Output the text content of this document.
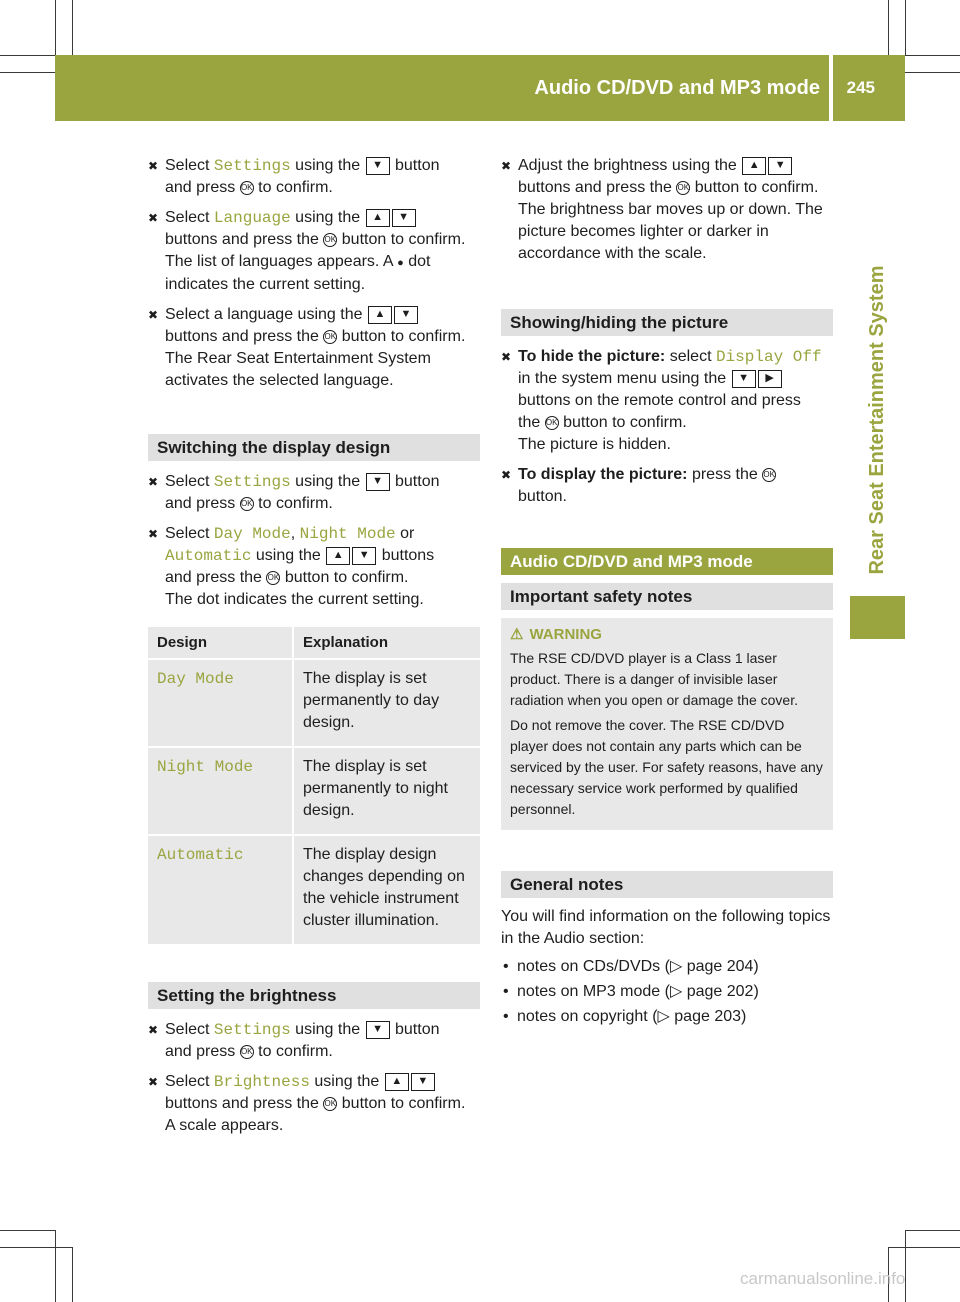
Audio CD/DVD and MP3 mode 245
Rear Seat Entertainment System
✖ Select Settings using the ▼ button
and press OK to confirm.
✖ Select Language using the ▲ ▼
buttons and press the OK button to confirm.
The list of languages appears. A ● dot
indicates the current setting.
✖ Select a language using the ▲ ▼
buttons and press the OK button to confirm.
The Rear Seat Entertainment System
activates the selected language.
Switching the display design
✖ Select Settings using the ▼ button
and press OK to confirm.
✖ Select Day Mode, Night Mode or
Automatic using the ▲ ▼ buttons
and press the OK button to confirm.
The dot indicates the current setting.
Design	Explanation
Day Mode	The display is set permanently to day design.
Night Mode	The display is set permanently to night design.
Automatic	The display design changes depending on the vehicle instrument cluster illumination.
Setting the brightness
✖ Select Settings using the ▼ button
and press OK to confirm.
✖ Select Brightness using the ▲ ▼
buttons and press the OK button to confirm.
A scale appears.
✖ Adjust the brightness using the ▲ ▼
buttons and press the OK button to confirm.
The brightness bar moves up or down. The picture becomes lighter or darker in accordance with the scale.
Showing/hiding the picture
✖ To hide the picture: select Display Off
in the system menu using the ▼ ▶
buttons on the remote control and press
the OK button to confirm.
The picture is hidden.
✖ To display the picture: press the OK
button.
Audio CD/DVD and MP3 mode
Important safety notes
⚠ WARNING

The RSE CD/DVD player is a Class 1 laser product. There is a danger of invisible laser radiation when you open or damage the cover.

Do not remove the cover. The RSE CD/DVD player does not contain any parts which can be serviced by the user. For safety reasons, have any necessary service work performed by qualified personnel.

General notes

You will find information on the following topics in the Audio section:

• notes on CDs/DVDs (▷ page 204)
• notes on MP3 mode (▷ page 202)
• notes on copyright (▷ page 203)
carmanualsonline.info
